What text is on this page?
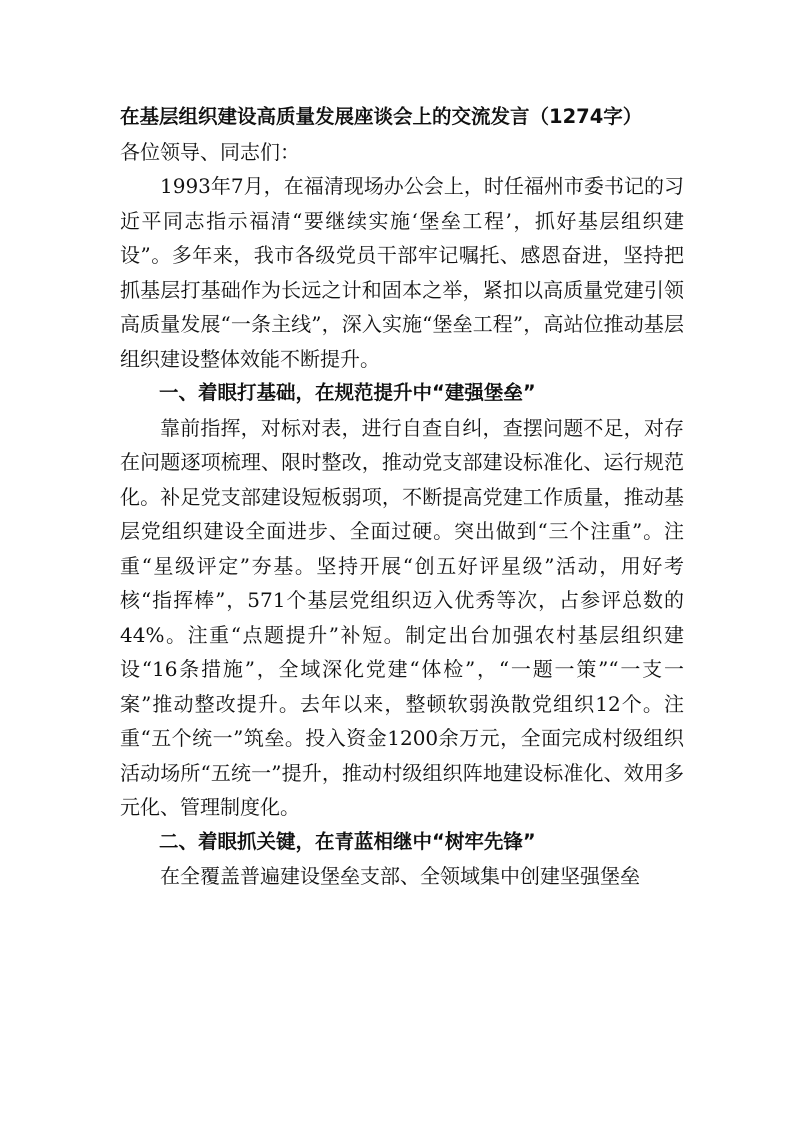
在基层组织建设高质量发展座谈会上的交流发言（1274字）

各位领导、同志们：

1993年7月，在福清现场办公会上，时任福州市委书记的习近平同志指示福清“要继续实施‘堡垒工程’，抓好基层组织建设”。多年来，我市各级党员干部牢记嘱托、感恩奋进，坚持把抓基层打基础作为长远之计和固本之举，紧扣以高质量党建引领高质量发展“一条主线”，深入实施“堡垒工程”，高站位推动基层组织建设整体效能不断提升。

一、着眼打基础，在规范提升中“建强堡垒”

靠前指挥，对标对表，进行自查自纠，查摆问题不足，对存在问题逐项梳理、限时整改，推动党支部建设标准化、运行规范化。补足党支部建设短板弱项，不断提高党建工作质量，推动基层党组织建设全面进步、全面过硬。突出做到“三个注重”。注重“星级评定”夯基。坚持开展“创五好评星级”活动，用好考核“指挥棒”，571个基层党组织迈入优秀等次，占参评总数的44%。注重“点题提升”补短。制定出台加强农村基层组织建设“16条措施”，全域深化党建“体检”，“一题一策”“一支一案”推动整改提升。去年以来，整顿软弱涣散党组织12个。注重“五个统一”筑垒。投入资金1200余万元，全面完成村级组织活动场所“五统一”提升，推动村级组织阵地建设标准化、效用多元化、管理制度化。

二、着眼抓关键，在青蓝相继中“树牢先锋”

在全覆盖普遍建设堡垒支部、全领域集中创建坚强堡垒
